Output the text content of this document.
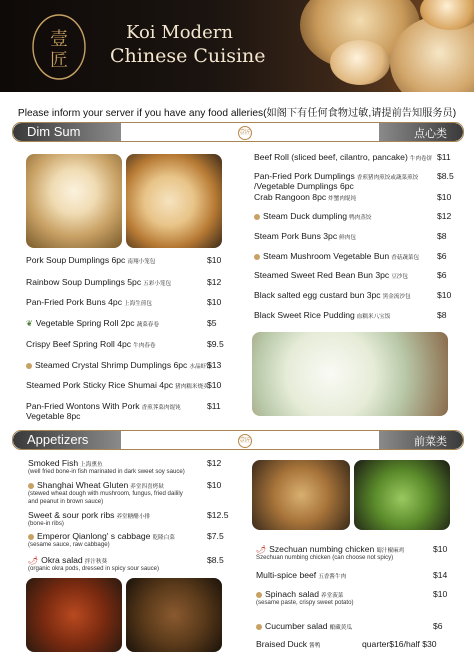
壹
匠
Koi Modern
Chinese Cuisine
Please inform your server if you have any food alleries(如阁下有任何食物过敏,请提前告知服务员)
Dim Sum	壹匠	点心类
Pork Soup Dumplings 6pc 南翔小笼包	$10
Rainbow Soup Dumplings 5pc 五彩小笼包	$12
Pan-Fried Pork Buns 4pc 上海生煎包	$10
❦ Vegetable Spring Roll 2pc 蔬菜春卷	$5
Crispy Beef Spring Roll 4pc 牛肉春卷	$9.5
Steamed Crystal Shrimp Dumplings 6pc 水晶虾饺
$13
Steamed Pork Sticky Rice Shumai 4pc 猪肉糯米烧卖
$10
Pan-Fried Wontons With Pork 香煎荠菜肉馄饨
Vegetable 8pc
$11
Appetizers	壹匠	前菜类
Beef Roll (sliced beef, cilantro, pancake) 牛肉卷饼 $11
Pan-Fried Pork Dumplings 香煎猪肉煎饺或蔬菜煎饺
/Vegetable Dumplings 6pc
$8.5
Crab Rangoon 8pc 炸蟹肉馄饨	$10
Steam Duck dumpling 鸭肉蒸饺	$12
Steam Pork Buns 3pc 鲜肉包	$8
Steam Mushroom Vegetable Bun 香菇蔬菜包 $6
Steamed Sweet Red Bean Bun 3pc 豆沙包	$6
Black salted egg custard bun 3pc 黑金流沙包	$10
Black Sweet Rice Pudding 血糯米八宝饭	$8
Smoked Fish 上海熏鱼	$12
(well fried bone-in fish marinated in dark sweet soy sauce)
Shanghai Wheat Gluten 养堂四喜烤麸	$10
(stewed wheat dough with mushroom, fungus, fried dailily
and peanut in brown sauce)
Sweet & sour pork ribs 养堂糖醋小排	$12.5
(bone-in ribs)
Emperor Qianlong' s cabbage 乾隆白菜	$7.5
(sesame sauce, raw cabbage)
🌶 Okra salad 拌汁秋葵	$8.5
(organic okra pods, dressed in spicy sour sauce)
🌶 Szechuan numbing chicken 蜀汁椒麻鸡	$10
Szechuan numbing chicken (can choose not spicy)
Multi-spice beef 五香酱牛肉	$14
Spinach salad 养堂菠菜	$10
(sesame paste, crispy sweet potato)
Cucumber salad 酿藏黄瓜	$6
Braised Duck 酱鸭	quarter$16/half $30
